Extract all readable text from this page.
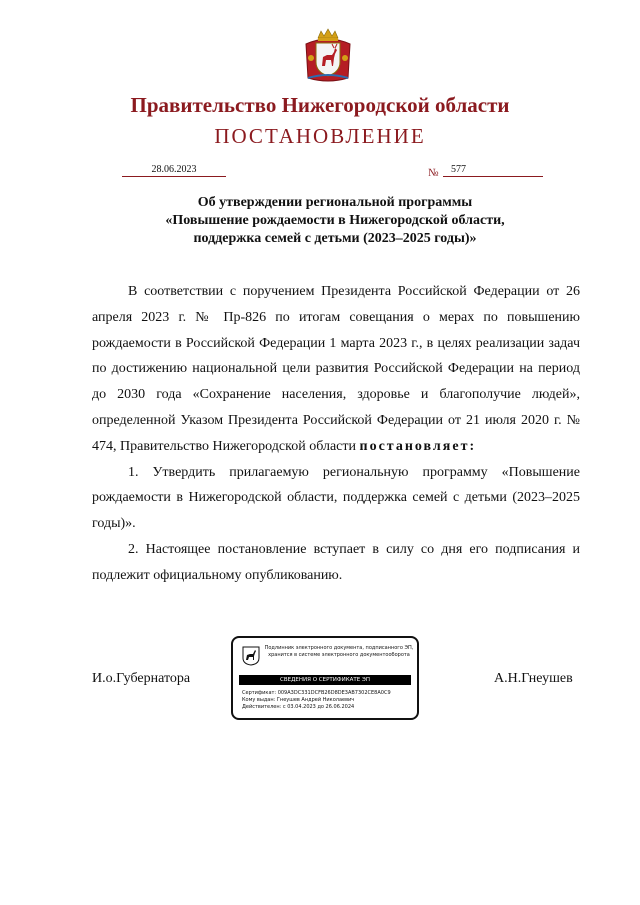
Правительство Нижегородской области
ПОСТАНОВЛЕНИЕ
28.06.2023	№	577
Об утверждении региональной программы
«Повышение рождаемости в Нижегородской области,
поддержка семей с детьми (2023–2025 годы)»

В соответствии с поручением Президента Российской Федерации от 26 апреля 2023 г. № Пр-826 по итогам совещания о мерах по повышению рождаемости в Российской Федерации 1 марта 2023 г., в целях реализации задач по достижению национальной цели развития Российской Федерации на период до 2030 года «Сохранение населения, здоровье и благополучие людей», определенной Указом Президента Российской Федерации от 21 июля 2020 г. № 474, Правительство Нижегородской области постановляет:

1. Утвердить прилагаемую региональную программу «Повышение рождаемости в Нижегородской области, поддержка семей с детьми (2023–2025 годы)».

2. Настоящее постановление вступает в силу со дня его подписания и подлежит официальному опубликованию.

И.о.Губернатора	А.Н.Гнеушев
Подлинник электронного документа, подписанного ЭП,
хранится в системе электронного документооборота
СВЕДЕНИЯ О СЕРТИФИКАТЕ ЭП
Сертификат: 009A3DC331DCFB26D8DE3AB7302CE8A0C9
Кому выдан: Гнеушев Андрей Николаевич
Действителен: с 03.04.2023 до 26.06.2024
